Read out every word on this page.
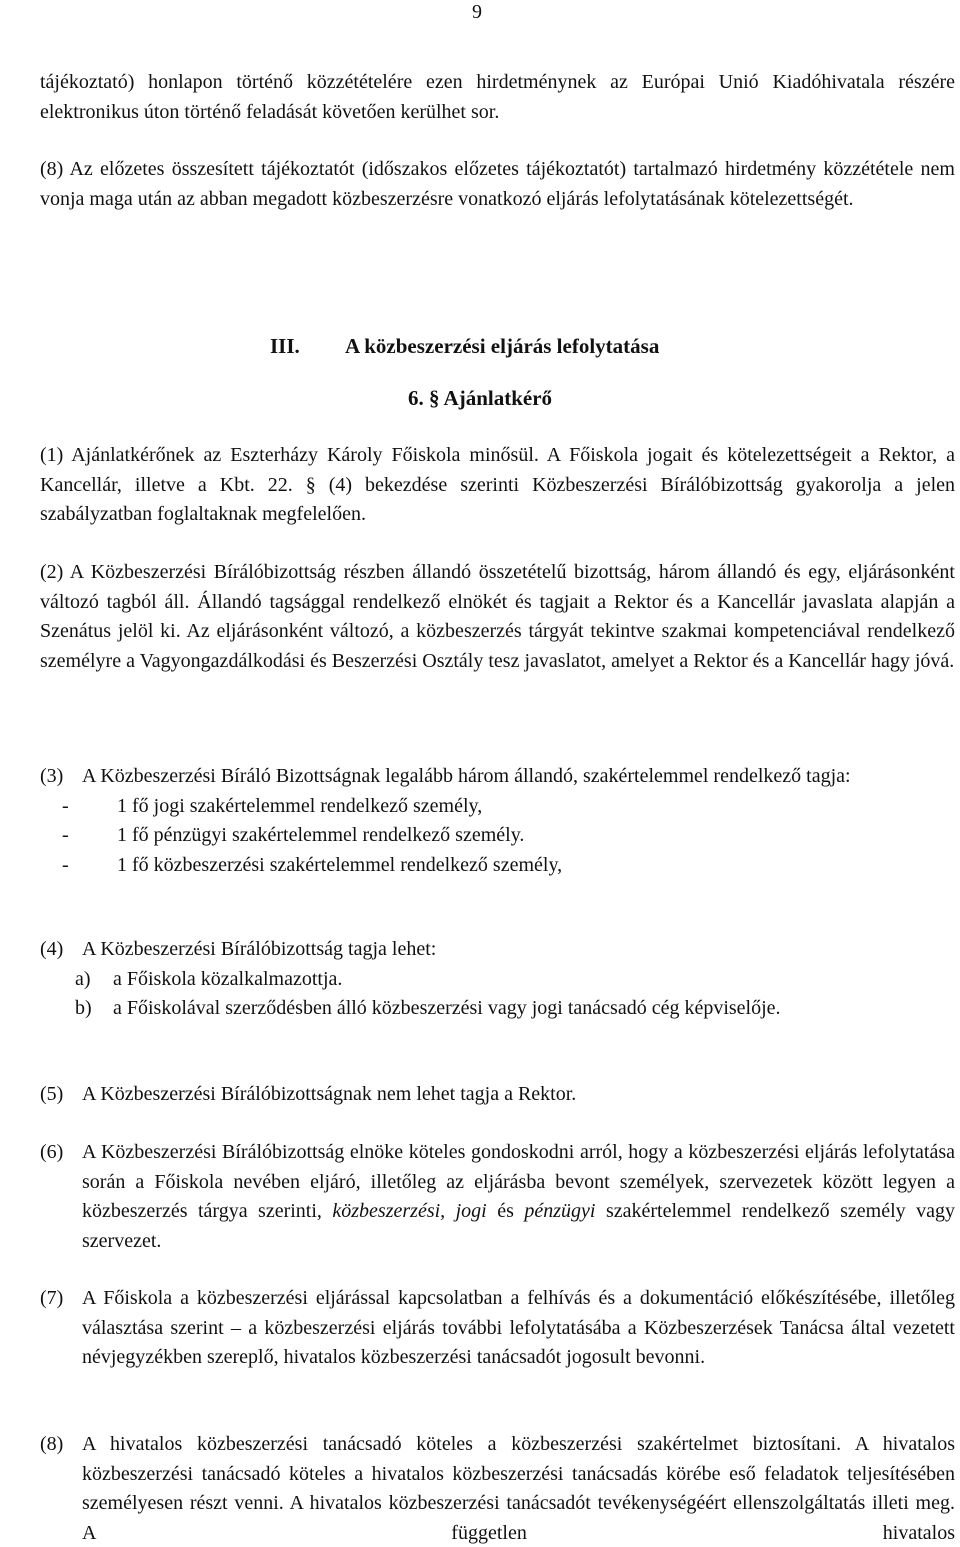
9

tájékoztató) honlapon történő közzétételére ezen hirdetménynek az Európai Unió Kiadóhivatala részére elektronikus úton történő feladását követően kerülhet sor.

(8) Az előzetes összesített tájékoztatót (időszakos előzetes tájékoztatót) tartalmazó hirdetmény közzététele nem vonja maga után az abban megadott közbeszerzésre vonatkozó eljárás lefolytatásának kötelezettségét.

III. A közbeszerzési eljárás lefolytatása
6. § Ajánlatkérő

(1) Ajánlatkérőnek az Eszterházy Károly Főiskola minősül. A Főiskola jogait és kötelezettségeit a Rektor, a Kancellár, illetve a Kbt. 22. § (4) bekezdése szerinti Közbeszerzési Bírálóbizottság gyakorolja a jelen szabályzatban foglaltaknak megfelelően.

(2) A Közbeszerzési Bírálóbizottság részben állandó összetételű bizottság, három állandó és egy, eljárásonként változó tagból áll. Állandó tagsággal rendelkező elnökét és tagjait a Rektor és a Kancellár javaslata alapján a Szenátus jelöl ki. Az eljárásonként változó, a közbeszerzés tárgyát tekintve szakmai kompetenciával rendelkező személyre a Vagyongazdálkodási és Beszerzési Osztály tesz javaslatot, amelyet a Rektor és a Kancellár hagy jóvá.

(3) A Közbeszerzési Bíráló Bizottságnak legalább három állandó, szakértelemmel rendelkező tagja:
-	1 fő jogi szakértelemmel rendelkező személy,
-	1 fő pénzügyi szakértelemmel rendelkező személy.
-	1 fő közbeszerzési szakértelemmel rendelkező személy,
(4) A Közbeszerzési Bírálóbizottság tagja lehet:
a)	a Főiskola közalkalmazottja.
b)	a Főiskolával szerződésben álló közbeszerzési vagy jogi tanácsadó cég képviselője.
(5) A Közbeszerzési Bírálóbizottságnak nem lehet tagja a Rektor.
(6) A Közbeszerzési Bírálóbizottság elnöke köteles gondoskodni arról, hogy a közbeszerzési eljárás lefolytatása során a Főiskola nevében eljáró, illetőleg az eljárásba bevont személyek, szervezetek között legyen a közbeszerzés tárgya szerinti, közbeszerzési, jogi és pénzügyi szakértelemmel rendelkező személy vagy szervezet.
(7) A Főiskola a közbeszerzési eljárással kapcsolatban a felhívás és a dokumentáció előkészítésébe, illetőleg választása szerint – a közbeszerzési eljárás további lefolytatásába a Közbeszerzések Tanácsa által vezetett névjegyzékben szereplő, hivatalos közbeszerzési tanácsadót jogosult bevonni.
(8) A hivatalos közbeszerzési tanácsadó köteles a közbeszerzési szakértelmet biztosítani. A hivatalos közbeszerzési tanácsadó köteles a hivatalos közbeszerzési tanácsadás körébe eső feladatok teljesítésében személyesen részt venni. A hivatalos közbeszerzési tanácsadót tevékenységéért ellenszolgáltatás illeti meg. A független hivatalos
